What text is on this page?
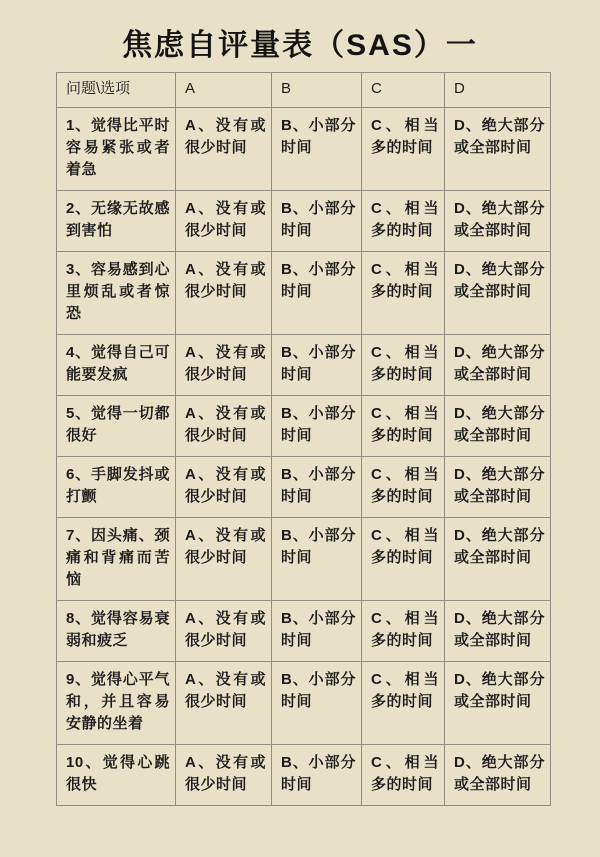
焦虑自评量表（SAS）一
问题\选项	A	B	C	D
1、觉得比平时容易紧张或者着急	A、没有或很少时间	B、小部分时间	C、相当多的时间	D、绝大部分或全部时间
2、无缘无故感到害怕	A、没有或很少时间	B、小部分时间	C、相当多的时间	D、绝大部分或全部时间
3、容易感到心里烦乱或者惊恐	A、没有或很少时间	B、小部分时间	C、相当多的时间	D、绝大部分或全部时间
4、觉得自己可能要发疯	A、没有或很少时间	B、小部分时间	C、相当多的时间	D、绝大部分或全部时间
5、觉得一切都很好	A、没有或很少时间	B、小部分时间	C、相当多的时间	D、绝大部分或全部时间
6、手脚发抖或打颤	A、没有或很少时间	B、小部分时间	C、相当多的时间	D、绝大部分或全部时间
7、因头痛、颈痛和背痛而苦恼	A、没有或很少时间	B、小部分时间	C、相当多的时间	D、绝大部分或全部时间
8、觉得容易衰弱和疲乏	A、没有或很少时间	B、小部分时间	C、相当多的时间	D、绝大部分或全部时间
9、觉得心平气和，并且容易安静的坐着	A、没有或很少时间	B、小部分时间	C、相当多的时间	D、绝大部分或全部时间
10、觉得心跳很快	A、没有或很少时间	B、小部分时间	C、相当多的时间	D、绝大部分或全部时间
